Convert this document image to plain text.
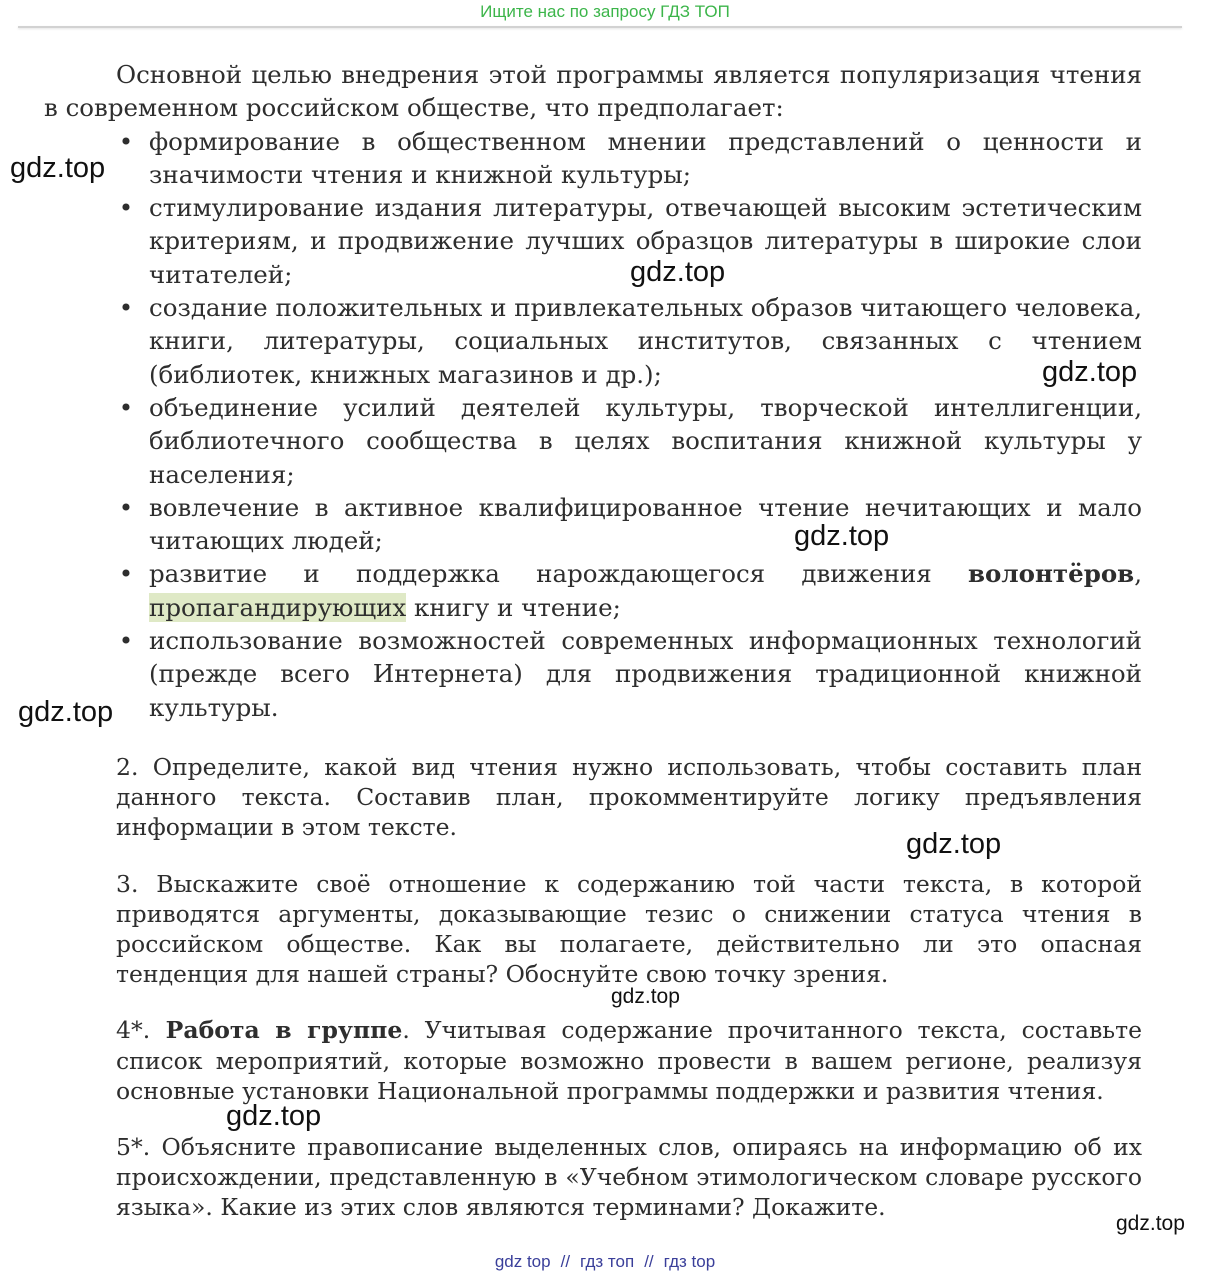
Ищите нас по запросу ГДЗ ТОП

Основной целью внедрения этой программы является популяризация чтения в современном российском обществе, что предполагает:

• формирование в общественном мнении представлений о ценности и значимости чтения и книжной культуры;
• стимулирование издания литературы, отвечающей высоким эстетическим критериям, и продвижение лучших образцов литературы в широкие слои читателей;
• создание положительных и привлекательных образов читающего человека, книги, литературы, социальных институтов, связанных с чтением (библиотек, книжных магазинов и др.);
• объединение усилий деятелей культуры, творческой интеллигенции, библиотечного сообщества в целях воспитания книжной культуры у населения;
• вовлечение в активное квалифицированное чтение нечитающих и мало читающих людей;
• развитие и поддержка нарождающегося движения волонтёров, пропагандирующих книгу и чтение;
• использование возможностей современных информационных технологий (прежде всего Интернета) для продвижения традиционной книжной культуры.

2. Определите, какой вид чтения нужно использовать, чтобы составить план данного текста. Составив план, прокомментируйте логику предъявления информации в этом тексте.

3. Выскажите своё отношение к содержанию той части текста, в которой приводятся аргументы, доказывающие тезис о снижении статуса чтения в российском обществе. Как вы полагаете, действительно ли это опасная тенденция для нашей страны? Обоснуйте свою точку зрения.

4*. Работа в группе. Учитывая содержание прочитанного текста, составьте список мероприятий, которые возможно провести в вашем регионе, реализуя основные установки Национальной программы поддержки и развития чтения.

5*. Объясните правописание выделенных слов, опираясь на информацию об их происхождении, представленную в «Учебном этимологическом словаре русского языка». Какие из этих слов являются терминами? Докажите.

gdz.top
gdz.top
gdz.top
gdz.top
gdz.top
gdz.top
gdz.top
gdz.top
gdz.top
gdz top // гдз топ // гдз top
